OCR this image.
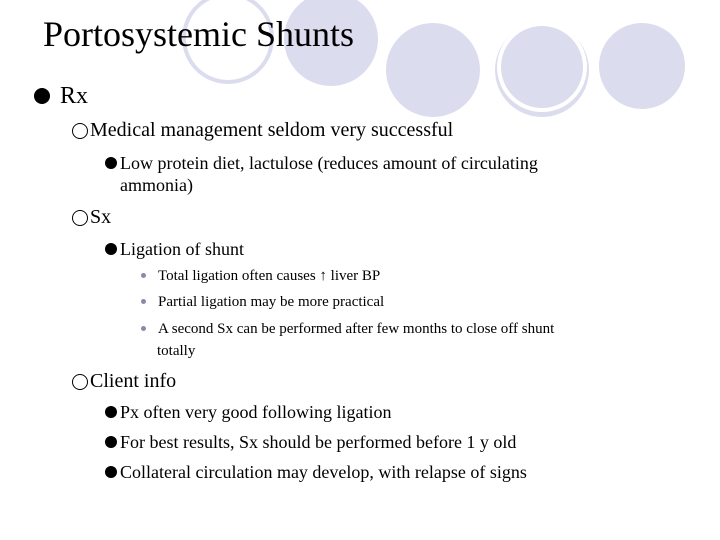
Portosystemic Shunts
Rx
Medical management seldom very successful
Low protein diet, lactulose (reduces amount of circulating
ammonia)
Sx
Ligation of shunt
Total ligation often causes ↑ liver BP
Partial ligation may be more practical
A second Sx can be performed after few months to close off shunt
totally
Client info
Px often very good following ligation
For best results, Sx should be performed before 1 y old
Collateral circulation may develop, with relapse of signs
